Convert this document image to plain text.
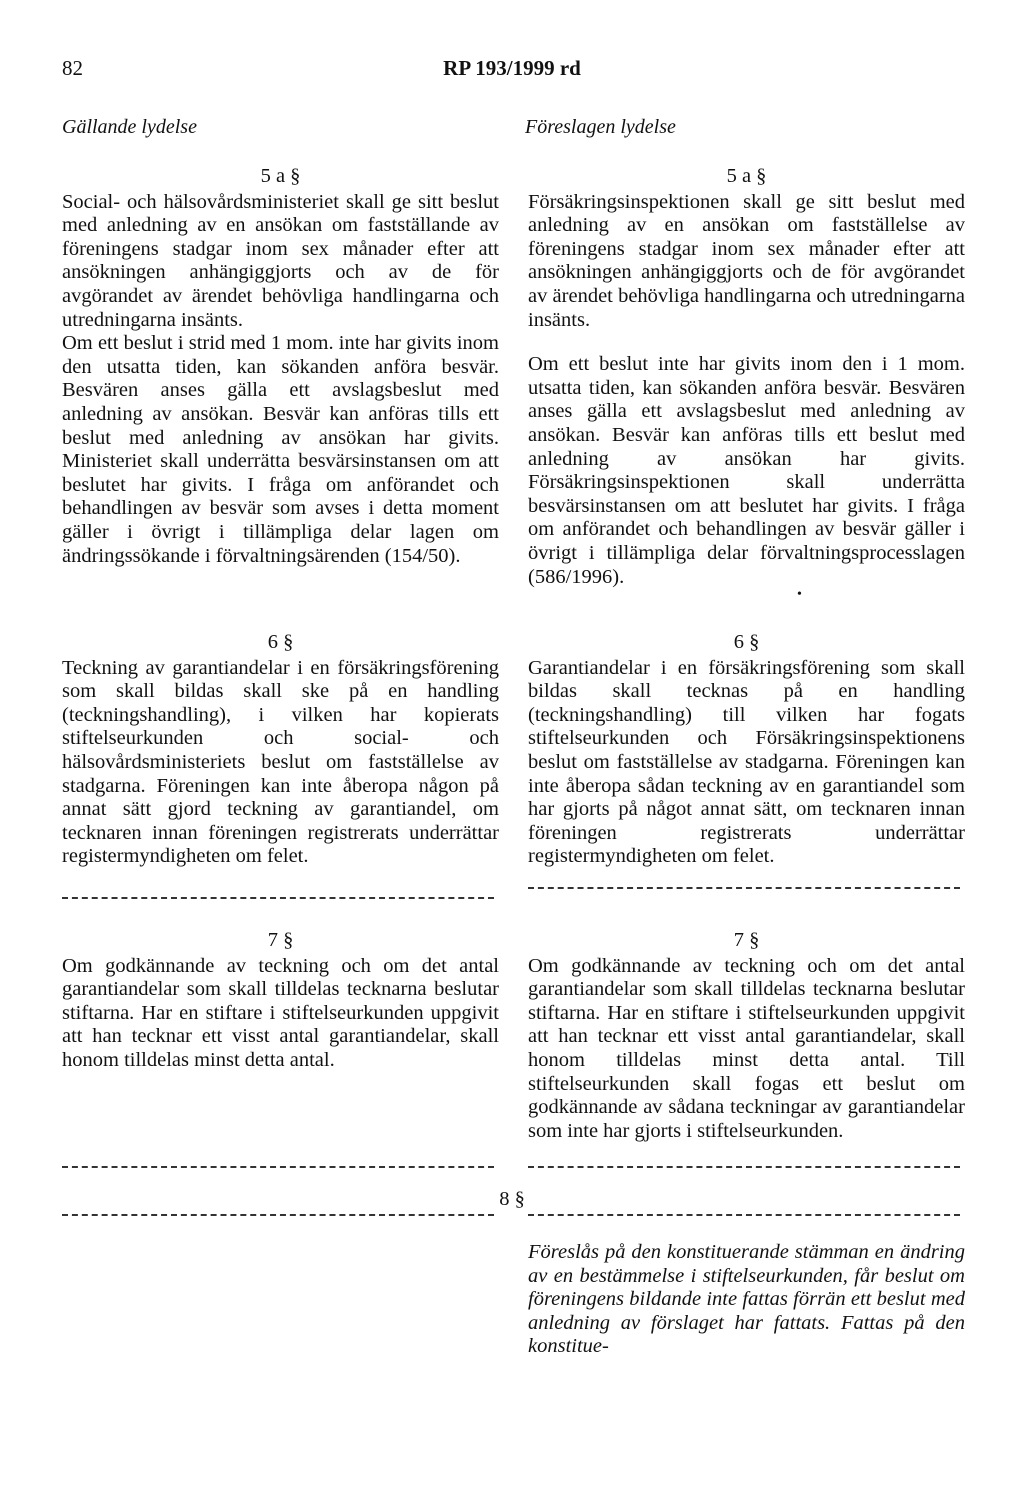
82	RP 193/1999 rd
Gällande lydelse	Föreslagen lydelse
5 a §

Social- och hälsovårdsministeriet skall ge sitt beslut med anledning av en ansökan om fastställande av föreningens stadgar inom sex månader efter att ansökningen anhängiggjorts och av de för avgörandet av ärendet behövliga handlingarna och utredningarna insänts.

Om ett beslut i strid med 1 mom. inte har givits inom den utsatta tiden, kan sökanden anföra besvär. Besvären anses gälla ett avslagsbeslut med anledning av ansökan. Besvär kan anföras tills ett beslut med anledning av ansökan har givits. Ministeriet skall underrätta besvärsinstansen om att beslutet har givits. I fråga om anförandet och behandlingen av besvär som avses i detta moment gäller i övrigt i tillämpliga delar lagen om ändringssökande i förvaltningsärenden (154/50).

6 §

Teckning av garantiandelar i en försäkringsförening som skall bildas skall ske på en handling (teckningshandling), i vilken har kopierats stiftelseurkunden och social- och hälsovårdsministeriets beslut om fastställelse av stadgarna. Föreningen kan inte åberopa någon på annat sätt gjord teckning av garantiandel, om tecknaren innan föreningen registrerats underrättar registermyndigheten om felet.

7 §

Om godkännande av teckning och om det antal garantiandelar som skall tilldelas tecknarna beslutar stiftarna. Har en stiftare i stiftelseurkunden uppgivit att han tecknar ett visst antal garantiandelar, skall honom tilldelas minst detta antal.

5 a §

Försäkringsinspektionen skall ge sitt beslut med anledning av en ansökan om fastställelse av föreningens stadgar inom sex månader efter att ansökningen anhängiggjorts och de för avgörandet av ärendet behövliga handlingarna och utredningarna insänts.

Om ett beslut inte har givits inom den i 1 mom. utsatta tiden, kan sökanden anföra besvär. Besvären anses gälla ett avslagsbeslut med anledning av ansökan. Besvär kan anföras tills ett beslut med anledning av ansökan har givits. Försäkringsinspektionen skall underrätta besvärsinstansen om att beslutet har givits. I fråga om anförandet och behandlingen av besvär gäller i övrigt i tillämpliga delar förvaltningsprocesslagen (586/1996).

•
6 §

Garantiandelar i en försäkringsförening som skall bildas skall tecknas på en handling (teckningshandling) till vilken har fogats stiftelseurkunden och Försäkringsinspektionens beslut om fastställelse av stadgarna. Föreningen kan inte åberopa sådan teckning av en garantiandel som har gjorts på något annat sätt, om tecknaren innan föreningen registrerats underrättar registermyndigheten om felet.

7 §

Om godkännande av teckning och om det antal garantiandelar som skall tilldelas tecknarna beslutar stiftarna. Har en stiftare i stiftelseurkunden uppgivit att han tecknar ett visst antal garantiandelar, skall honom tilldelas minst detta antal. Till stiftelseurkunden skall fogas ett beslut om godkännande av sådana teckningar av garantiandelar som inte har gjorts i stiftelseurkunden.

8 §

Föreslås på den konstituerande stämman en ändring av en bestämmelse i stiftelseurkunden, får beslut om föreningens bildande inte fattas förrän ett beslut med anledning av förslaget har fattats. Fattas på den konstitue-
